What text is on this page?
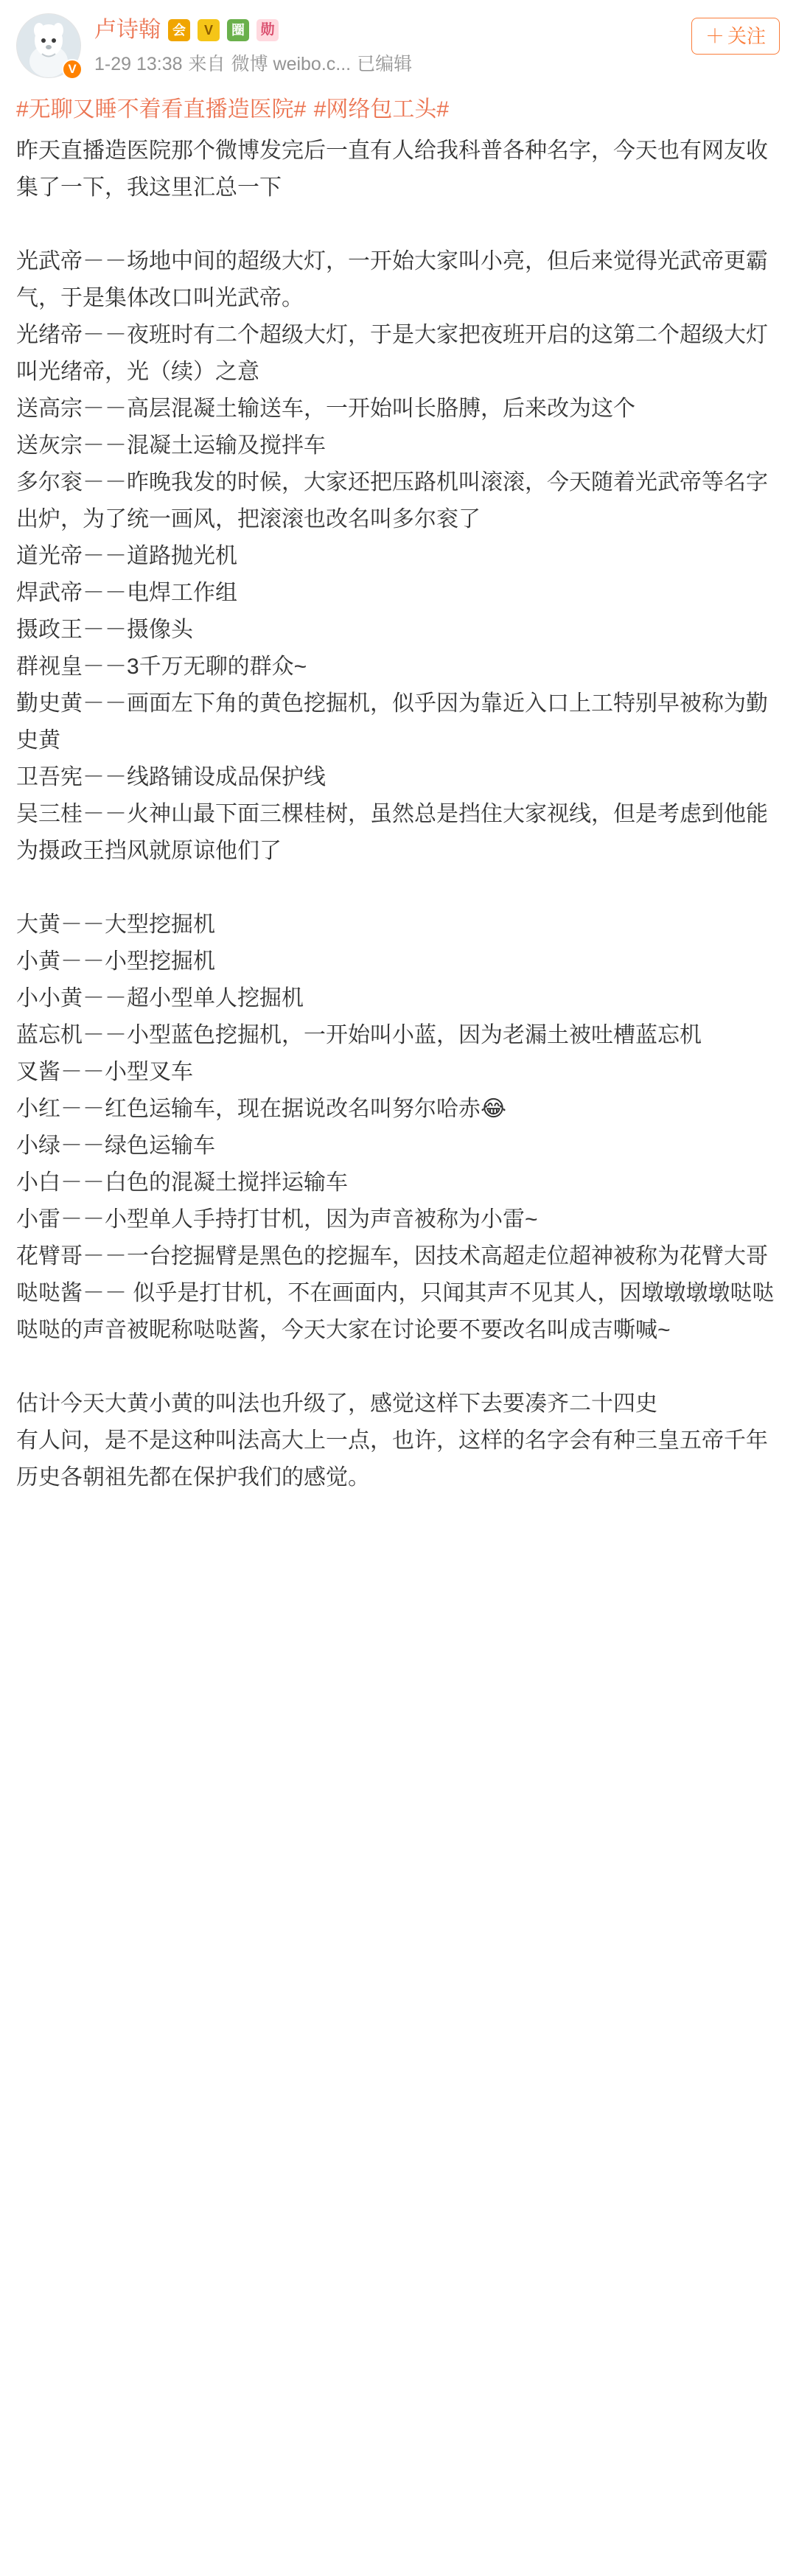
V
卢诗翰 会	V	圈	勋
1-29 13:38 来自 微博 weibo.c... 已编辑
＋ 关注
#无聊又睡不着看直播造医院# #网络包工头#
昨天直播造医院那个微博发完后一直有人给我科普各种名字，今天也有网友收集了一下，我这里汇总一下
光武帝－－场地中间的超级大灯，一开始大家叫小亮，但后来觉得光武帝更霸气，于是集体改口叫光武帝。
光绪帝－－夜班时有二个超级大灯，于是大家把夜班开启的这第二个超级大灯叫光绪帝，光（续）之意
送高宗－－高层混凝土输送车，一开始叫长胳膊，后来改为这个
送灰宗－－混凝土运输及搅拌车
多尔衮－－昨晚我发的时候，大家还把压路机叫滚滚，今天随着光武帝等名字出炉，为了统一画风，把滚滚也改名叫多尔衮了
道光帝－－道路抛光机
焊武帝－－电焊工作组
摄政王－－摄像头
群视皇－－3千万无聊的群众~
勤史黄－－画面左下角的黄色挖掘机，似乎因为靠近入口上工特别早被称为勤史黄
卫吾宪－－线路铺设成品保护线
吴三桂－－火神山最下面三棵桂树，虽然总是挡住大家视线，但是考虑到他能为摄政王挡风就原谅他们了
大黄－－大型挖掘机
小黄－－小型挖掘机
小小黄－－超小型单人挖掘机
蓝忘机－－小型蓝色挖掘机，一开始叫小蓝，因为老漏土被吐槽蓝忘机
叉酱－－小型叉车
小红－－红色运输车，现在据说改名叫努尔哈赤😂
小绿－－绿色运输车
小白－－白色的混凝土搅拌运输车
小雷－－小型单人手持打甘机，因为声音被称为小雷~
花臂哥－－一台挖掘臂是黑色的挖掘车，因技术高超走位超神被称为花臂大哥
哒哒酱－－ 似乎是打甘机，不在画面内，只闻其声不见其人，因墩墩墩墩哒哒哒哒的声音被昵称哒哒酱，今天大家在讨论要不要改名叫成吉嘶喊~
估计今天大黄小黄的叫法也升级了，感觉这样下去要凑齐二十四史
有人问，是不是这种叫法高大上一点，也许，这样的名字会有种三皇五帝千年历史各朝祖先都在保护我们的感觉。
